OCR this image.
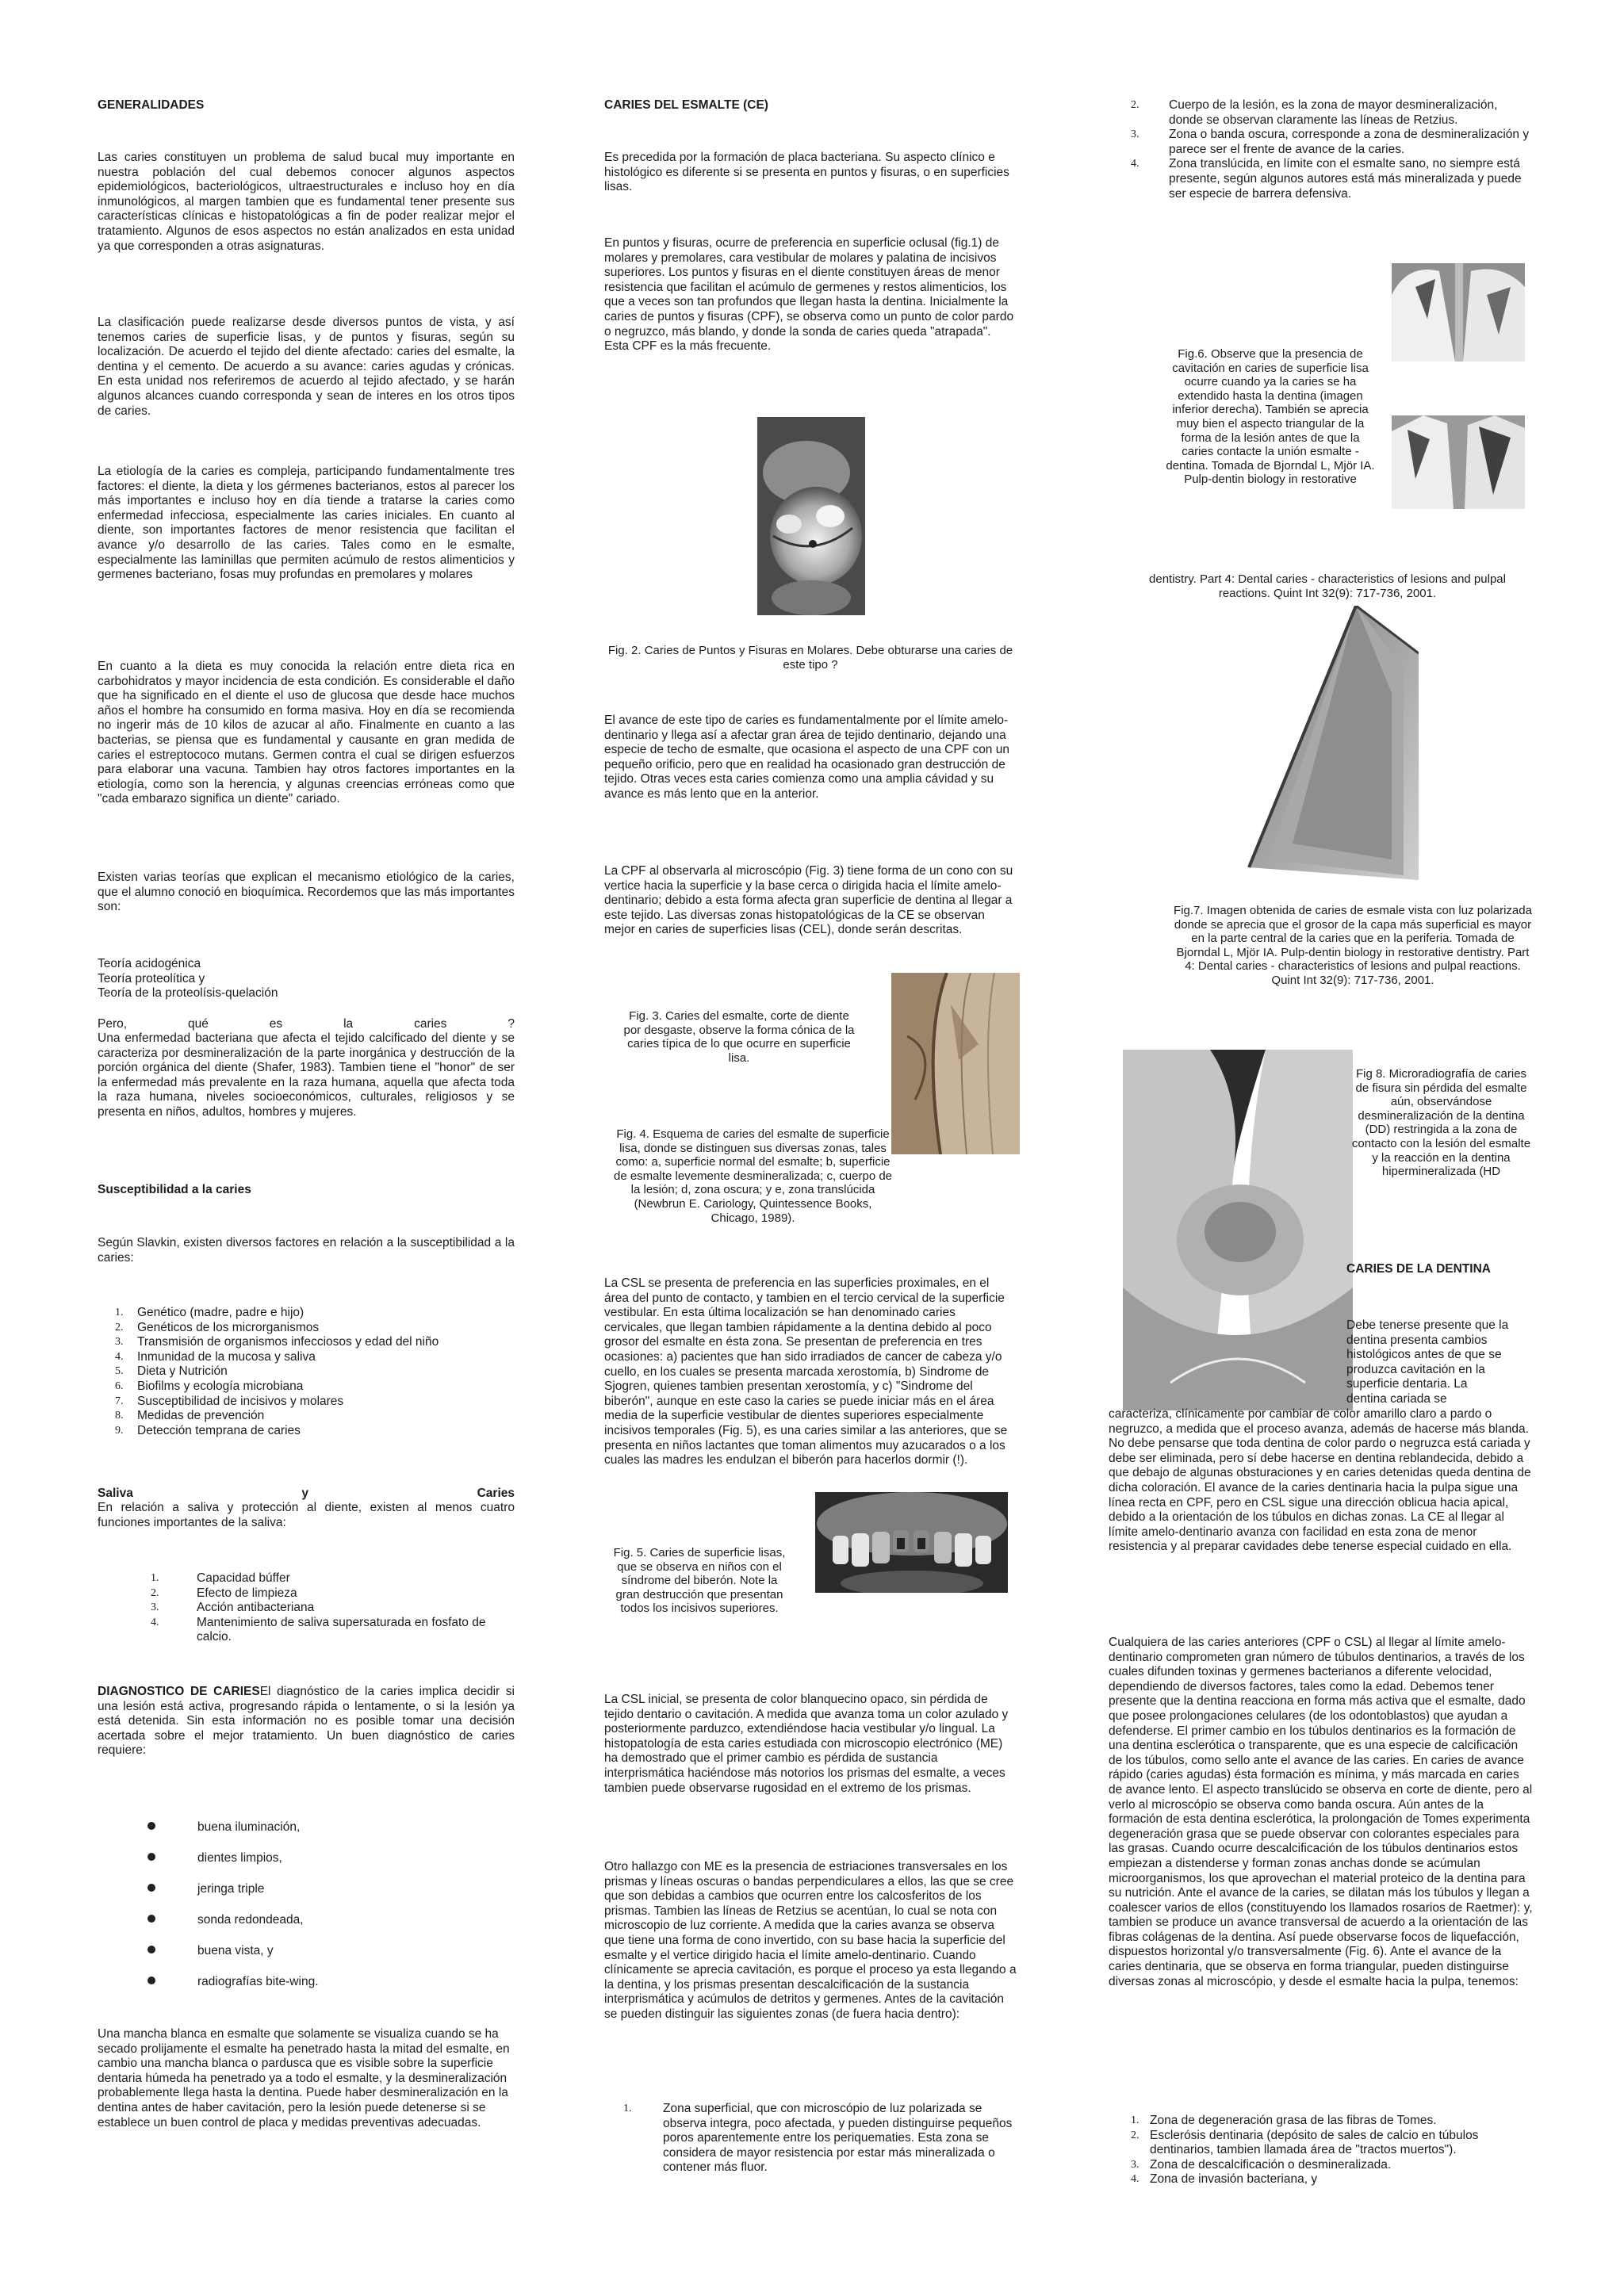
GENERALIDADES

Las caries constituyen un problema de salud bucal muy importante en nuestra población del cual debemos conocer algunos aspectos epidemiológicos, bacteriológicos, ultraestructurales e incluso hoy en día inmunológicos, al margen tambien que es fundamental tener presente sus características clínicas e histopatológicas a fin de poder realizar mejor el tratamiento. Algunos de esos aspectos no están analizados en esta unidad ya que corresponden a otras asignaturas.

La clasificación puede realizarse desde diversos puntos de vista, y así tenemos caries de superficie lisas, y de puntos y fisuras, según su localización. De acuerdo el tejido del diente afectado: caries del esmalte, la dentina y el cemento. De acuerdo a su avance: caries agudas y crónicas. En esta unidad nos referiremos de acuerdo al tejido afectado, y se harán algunos alcances cuando corresponda y sean de interes en los otros tipos de caries.

La etiología de la caries es compleja, participando fundamentalmente tres factores: el diente, la dieta y los gérmenes bacterianos, estos al parecer los más importantes e incluso hoy en día tiende a tratarse la caries como enfermedad infecciosa, especialmente las caries iniciales. En cuanto al diente, son importantes factores de menor resistencia que facilitan el avance y/o desarrollo de las caries. Tales como en le esmalte, especialmente las laminillas que permiten acúmulo de restos alimenticios y germenes bacteriano, fosas muy profundas en premolares y molares

En cuanto a la dieta es muy conocida la relación entre dieta rica en carbohidratos y mayor incidencia de esta condición. Es considerable el daño que ha significado en el diente el uso de glucosa que desde hace muchos años el hombre ha consumido en forma masiva. Hoy en día se recomienda no ingerir más de 10 kilos de azucar al año. Finalmente en cuanto a las bacterias, se piensa que es fundamental y causante en gran medida de caries el estreptococo mutans. Germen contra el cual se dirigen esfuerzos para elaborar una vacuna. Tambien hay otros factores importantes en la etiología, como son la herencia, y algunas creencias erróneas como que "cada embarazo significa un diente" cariado.

Existen varias teorías que explican el mecanismo etiológico de la caries, que el alumno conoció en bioquímica. Recordemos que las más importantes son:

Teoría acidogénica
Teoría proteolítica y
Teoría de la proteolísis-quelación
Pero,	qué	es	la	caries	?

Una enfermedad bacteriana que afecta el tejido calcificado del diente y se caracteriza por desmineralización de la parte inorgánica y destrucción de la porción orgánica del diente (Shafer, 1983). Tambien tiene el "honor" de ser la enfermedad más prevalente en la raza humana, aquella que afecta toda la raza humana, niveles socioeconómicos, culturales, religiosos y se presenta en niños, adultos, hombres y mujeres.

Susceptibilidad a la caries

Según Slavkin, existen diversos factores en relación a la susceptibilidad a la caries:

1. Genético (madre, padre e hijo)
2. Genéticos de los microrganismos
3. Transmisión de organismos infecciosos y edad del niño
4. Inmunidad de la mucosa y saliva
5. Dieta y Nutrición
6. Biofilms y ecología microbiana
7. Susceptibilidad de incisivos y molares
8. Medidas de prevención
9. Detección temprana de caries
Saliva	y	Caries

En relación a saliva y protección al diente, existen al menos cuatro funciones importantes de la saliva:

1.	Capacidad búffer
2.	Efecto de limpieza
3.	Acción antibacteriana
4.	Mantenimiento de saliva supersaturada en fosfato de calcio.

DIAGNOSTICO DE CARIESEl diagnóstico de la caries implica decidir si una lesión está activa, progresando rápida o lentamente, o si la lesión ya está detenida. Sin esta información no es posible tomar una decisión acertada sobre el mejor tratamiento. Un buen diagnóstico de caries requiere:

buena iluminación,
dientes limpios,
jeringa triple
sonda redondeada,
buena vista, y
radiografías bite-wing.

Una mancha blanca en esmalte que solamente se visualiza cuando se ha secado prolijamente el esmalte ha penetrado hasta la mitad del esmalte, en cambio una mancha blanca o pardusca que es visible sobre la superficie dentaria húmeda ha penetrado ya a todo el esmalte, y la desmineralización probablemente llega hasta la dentina. Puede haber desmineralización en la dentina antes de haber cavitación, pero la lesión puede detenerse si se establece un buen control de placa y medidas preventivas adecuadas.

CARIES DEL ESMALTE (CE)

Es precedida por la formación de placa bacteriana. Su aspecto clínico e histológico es diferente si se presenta en puntos y fisuras, o en superficies lisas.

En puntos y fisuras, ocurre de preferencia en superficie oclusal (fig.1) de molares y premolares, cara vestibular de molares y palatina de incisivos superiores. Los puntos y fisuras en el diente constituyen áreas de menor resistencia que facilitan el acúmulo de germenes y restos alimenticios, los que a veces son tan profundos que llegan hasta la dentina. Inicialmente la caries de puntos y fisuras (CPF), se observa como un punto de color pardo o negruzco, más blando, y donde la sonda de caries queda "atrapada". Esta CPF es la más frecuente.

Fig. 2. Caries de Puntos y Fisuras en Molares. Debe obturarse una caries de este tipo ?

El avance de este tipo de caries es fundamentalmente por el límite amelo-dentinario y llega así a afectar gran área de tejido dentinario, dejando una especie de techo de esmalte, que ocasiona el aspecto de una CPF con un pequeño orificio, pero que en realidad ha ocasionado gran destrucción de tejido. Otras veces esta caries comienza como una amplia cávidad y su avance es más lento que en la anterior.

La CPF al observarla al microscópio (Fig. 3) tiene forma de un cono con su vertice hacia la superficie y la base cerca o dirigida hacia el límite amelo-dentinario; debido a esta forma afecta gran superficie de dentina al llegar a este tejido. Las diversas zonas histopatológicas de la CE se observan mejor en caries de superficies lisas (CEL), donde serán descritas.

Fig. 3. Caries del esmalte, corte de diente por desgaste, observe la forma cónica de la caries típica de lo que ocurre en superficie lisa.

Fig. 4. Esquema de caries del esmalte de superficie lisa, donde se distinguen sus diversas zonas, tales como: a, superficie normal del esmalte; b, superficie de esmalte levemente desmineralizada; c, cuerpo de la lesión; d, zona oscura; y e, zona translúcida (Newbrun E. Cariology, Quintessence Books, Chicago, 1989).

La CSL se presenta de preferencia en las superficies proximales, en el área del punto de contacto, y tambien en el tercio cervical de la superficie vestibular. En esta última localización se han denominado caries cervicales, que llegan tambien rápidamente a la dentina debido al poco grosor del esmalte en ésta zona. Se presentan de preferencia en tres ocasiones: a) pacientes que han sido irradiados de cancer de cabeza y/o cuello, en los cuales se presenta marcada xerostomía, b) Sindrome de Sjogren, quienes tambien presentan xerostomía, y c) "Sindrome del biberón", aunque en este caso la caries se puede iniciar más en el área media de la superficie vestibular de dientes superiores especialmente incisivos temporales (Fig. 5), es una caries similar a las anteriores, que se presenta en niños lactantes que toman alimentos muy azucarados o a los cuales las madres les endulzan el biberón para hacerlos dormir (!).

Fig. 5. Caries de superficie lisas, que se observa en niños con el síndrome del biberón. Note la gran destrucción que presentan todos los incisivos superiores.

La CSL inicial, se presenta de color blanquecino opaco, sin pérdida de tejido dentario o cavitación. A medida que avanza toma un color azulado y posteriormente parduzco, extendiéndose hacia vestibular y/o lingual. La histopatología de esta caries estudiada con microscopio electrónico (ME) ha demostrado que el primer cambio es pérdida de sustancia interprismática haciéndose más notorios los prismas del esmalte, a veces tambien puede observarse rugosidad en el extremo de los prismas.

Otro hallazgo con ME es la presencia de estriaciones transversales en los prismas y líneas oscuras o bandas perpendiculares a ellos, las que se cree que son debidas a cambios que ocurren entre los calcosferitos de los prismas. Tambien las líneas de Retzius se acentúan, lo cual se nota con microscopio de luz corriente. A medida que la caries avanza se observa que tiene una forma de cono invertido, con su base hacia la superficie del esmalte y el vertice dirigido hacia el límite amelo-dentinario. Cuando clínicamente se aprecia cavitación, es porque el proceso ya esta llegando a la dentina, y los prismas presentan descalcificación de la sustancia interprismática y acúmulos de detritos y germenes. Antes de la cavitación se pueden distinguir las siguientes zonas (de fuera hacia dentro):

1.	Zona superficial, que con microscópio de luz polarizada se observa integra, poco afectada, y pueden distinguirse pequeños poros aparentemente entre los periquematies. Esta zona se considera de mayor resistencia por estar más mineralizada o contener más fluor.
2. Cuerpo de la lesión, es la zona de mayor desmineralización, donde se observan claramente las líneas de Retzius.
3. Zona o banda oscura, corresponde a zona de desmineralización y parece ser el frente de avance de la caries.
4. Zona translúcida, en límite con el esmalte sano, no siempre está presente, según algunos autores está más mineralizada y puede ser especie de barrera defensiva.

Fig.6. Observe que la presencia de cavitación en caries de superficie lisa ocurre cuando ya la caries se ha extendido hasta la dentina (imagen inferior derecha). También se aprecia muy bien el aspecto triangular de la forma de la lesión antes de que la caries contacte la unión esmalte - dentina. Tomada de Bjorndal L, Mjör IA. Pulp-dentin biology in restorative

dentistry. Part 4: Dental caries - characteristics of lesions and pulpal reactions. Quint Int 32(9): 717-736, 2001.

Fig.7. Imagen obtenida de caries de esmale vista con luz polarizada donde se aprecia que el grosor de la capa más superficial es mayor en la parte central de la caries que en la periferia. Tomada de Bjorndal L, Mjör IA. Pulp-dentin biology in restorative dentistry. Part 4: Dental caries - characteristics of lesions and pulpal reactions. Quint Int 32(9): 717-736, 2001.

Fig 8. Microradiografía de caries de fisura sin pérdida del esmalte aún, observándose desmineralización de la dentina (DD) restringida a la zona de contacto con la lesión del esmalte y la reacción en la dentina hipermineralizada (HD

CARIES DE LA DENTINA

Debe tenerse presente que la dentina presenta cambios histológicos antes de que se produzca cavitación en la superficie dentaria. La dentina cariada se

caracteriza, clínicamente por cambiar de color amarillo claro a pardo o negruzco, a medida que el proceso avanza, además de hacerse más blanda. No debe pensarse que toda dentina de color pardo o negruzca está cariada y debe ser eliminada, pero sí debe hacerse en dentina reblandecida, debido a que debajo de algunas obsturaciones y en caries detenidas queda dentina de dicha coloración. El avance de la caries dentinaria hacia la pulpa sigue una línea recta en CPF, pero en CSL sigue una dirección oblicua hacia apical, debido a la orientación de los túbulos en dichas zonas. La CE al llegar al límite amelo-dentinario avanza con facilidad en esta zona de menor resistencia y al preparar cavidades debe tenerse especial cuidado en ella.

Cualquiera de las caries anteriores (CPF o CSL) al llegar al límite amelo-dentinario comprometen gran número de túbulos dentinarios, a través de los cuales difunden toxinas y germenes bacterianos a diferente velocidad, dependiendo de diversos factores, tales como la edad. Debemos tener presente que la dentina reacciona en forma más activa que el esmalte, dado que posee prolongaciones celulares (de los odontoblastos) que ayudan a defenderse. El primer cambio en los túbulos dentinarios es la formación de una dentina esclerótica o transparente, que es una especie de calcificación de los túbulos, como sello ante el avance de las caries. En caries de avance rápido (caries agudas) ésta formación es mínima, y más marcada en caries de avance lento. El aspecto translúcido se observa en corte de diente, pero al verlo al microscópio se observa como banda oscura. Aún antes de la formación de esta dentina esclerótica, la prolongación de Tomes experimenta degeneración grasa que se puede observar con colorantes especiales para las grasas. Cuando ocurre descalcificación de los túbulos dentinarios estos empiezan a distenderse y forman zonas anchas donde se acúmulan microorganismos, los que aprovechan el material proteico de la dentina para su nutrición. Ante el avance de la caries, se dilatan más los túbulos y llegan a coalescer varios de ellos (constituyendo los llamados rosarios de Raetmer): y, tambien se produce un avance transversal de acuerdo a la orientación de las fibras colágenas de la dentina. Así puede observarse focos de liquefacción, dispuestos horizontal y/o transversalmente (Fig. 6). Ante el avance de la caries dentinaria, que se observa en forma triangular, pueden distinguirse diversas zonas al microscópio, y desde el esmalte hacia la pulpa, tenemos:

1. Zona de degeneración grasa de las fibras de Tomes.
2. Esclerósis dentinaria (depósito de sales de calcio en túbulos dentinarios, tambien llamada área de "tractos muertos").
3. Zona de descalcificación o desmineralizada.
4. Zona de invasión bacteriana, y
